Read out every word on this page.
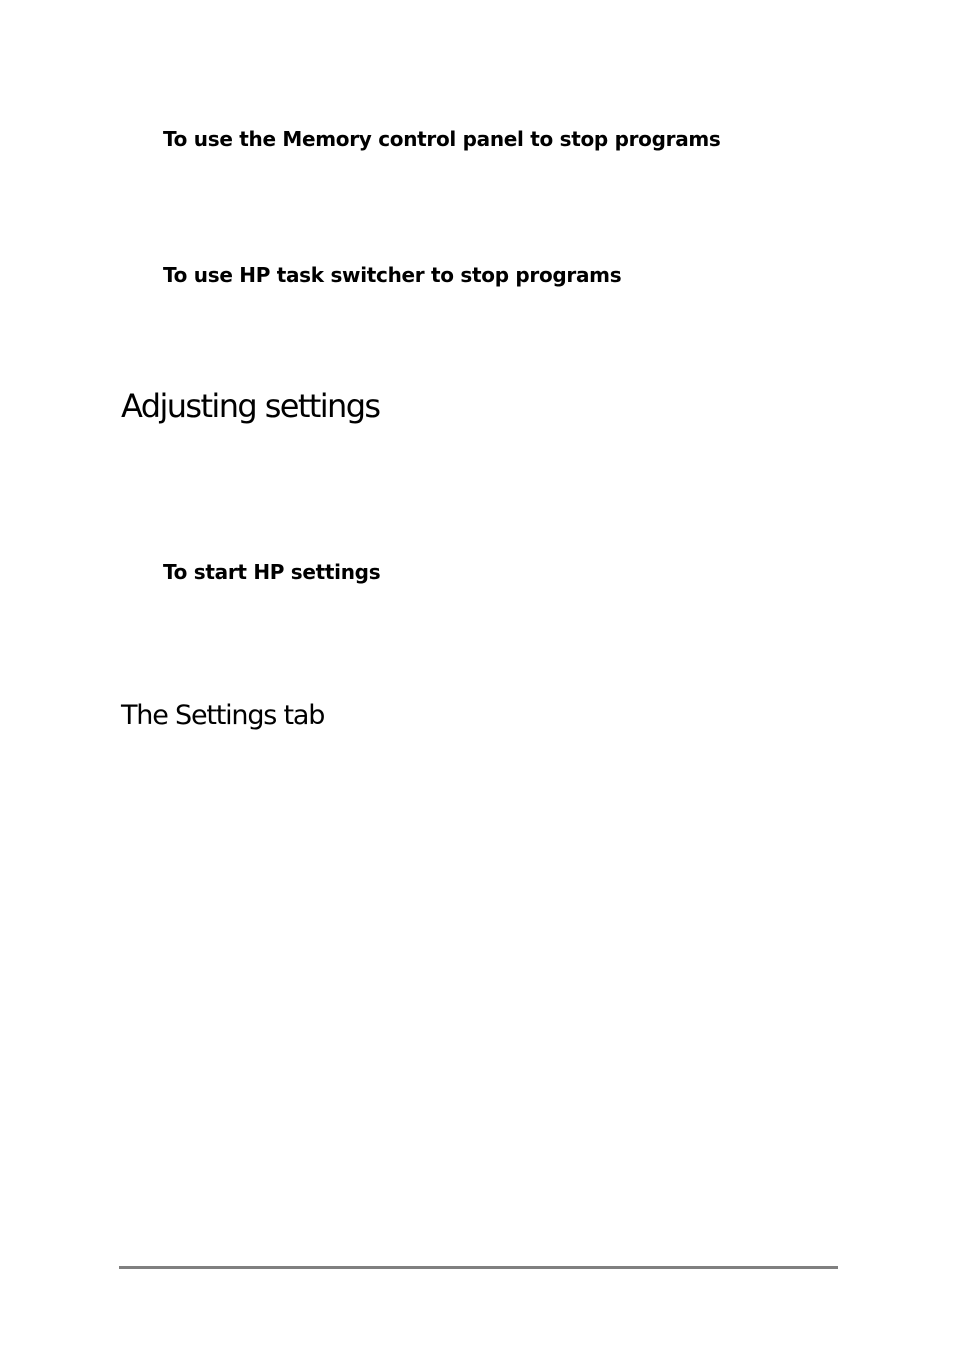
To use the Memory control panel to stop programs
To use HP task switcher to stop programs
Adjusting settings
To start HP settings
The Settings tab
